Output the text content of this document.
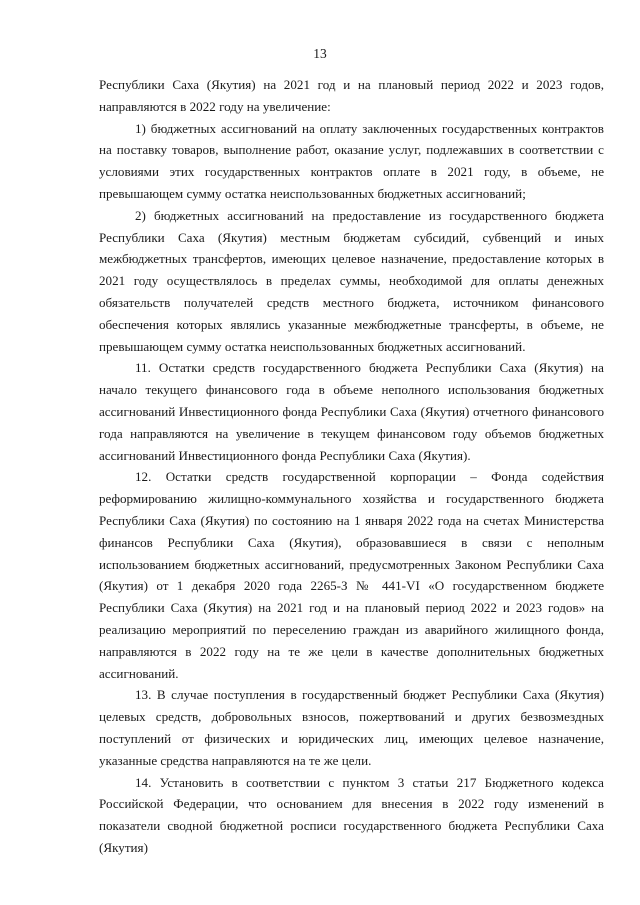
13

Республики Саха (Якутия) на 2021 год и на плановый период 2022 и 2023 годов, направляются в 2022 году на увеличение:

1) бюджетных ассигнований на оплату заключенных государственных контрактов на поставку товаров, выполнение работ, оказание услуг, подлежавших в соответствии с условиями этих государственных контрактов оплате в 2021 году, в объеме, не превышающем сумму остатка неиспользованных бюджетных ассигнований;

2) бюджетных ассигнований на предоставление из государственного бюджета Республики Саха (Якутия) местным бюджетам субсидий, субвенций и иных межбюджетных трансфертов, имеющих целевое назначение, предоставление которых в 2021 году осуществлялось в пределах суммы, необходимой для оплаты денежных обязательств получателей средств местного бюджета, источником финансового обеспечения которых являлись указанные межбюджетные трансферты, в объеме, не превышающем сумму остатка неиспользованных бюджетных ассигнований.

11. Остатки средств государственного бюджета Республики Саха (Якутия) на начало текущего финансового года в объеме неполного использования бюджетных ассигнований Инвестиционного фонда Республики Саха (Якутия) отчетного финансового года направляются на увеличение в текущем финансовом году объемов бюджетных ассигнований Инвестиционного фонда Республики Саха (Якутия).

12. Остатки средств государственной корпорации – Фонда содействия реформированию жилищно-коммунального хозяйства и государственного бюджета Республики Саха (Якутия) по состоянию на 1 января 2022 года на счетах Министерства финансов Республики Саха (Якутия), образовавшиеся в связи с неполным использованием бюджетных ассигнований, предусмотренных Законом Республики Саха (Якутия) от 1 декабря 2020 года 2265-З № 441-VI «О государственном бюджете Республики Саха (Якутия) на 2021 год и на плановый период 2022 и 2023 годов» на реализацию мероприятий по переселению граждан из аварийного жилищного фонда, направляются в 2022 году на те же цели в качестве дополнительных бюджетных ассигнований.

13. В случае поступления в государственный бюджет Республики Саха (Якутия) целевых средств, добровольных взносов, пожертвований и других безвозмездных поступлений от физических и юридических лиц, имеющих целевое назначение, указанные средства направляются на те же цели.

14. Установить в соответствии с пунктом 3 статьи 217 Бюджетного кодекса Российской Федерации, что основанием для внесения в 2022 году изменений в показатели сводной бюджетной росписи государственного бюджета Республики Саха (Якутия)
